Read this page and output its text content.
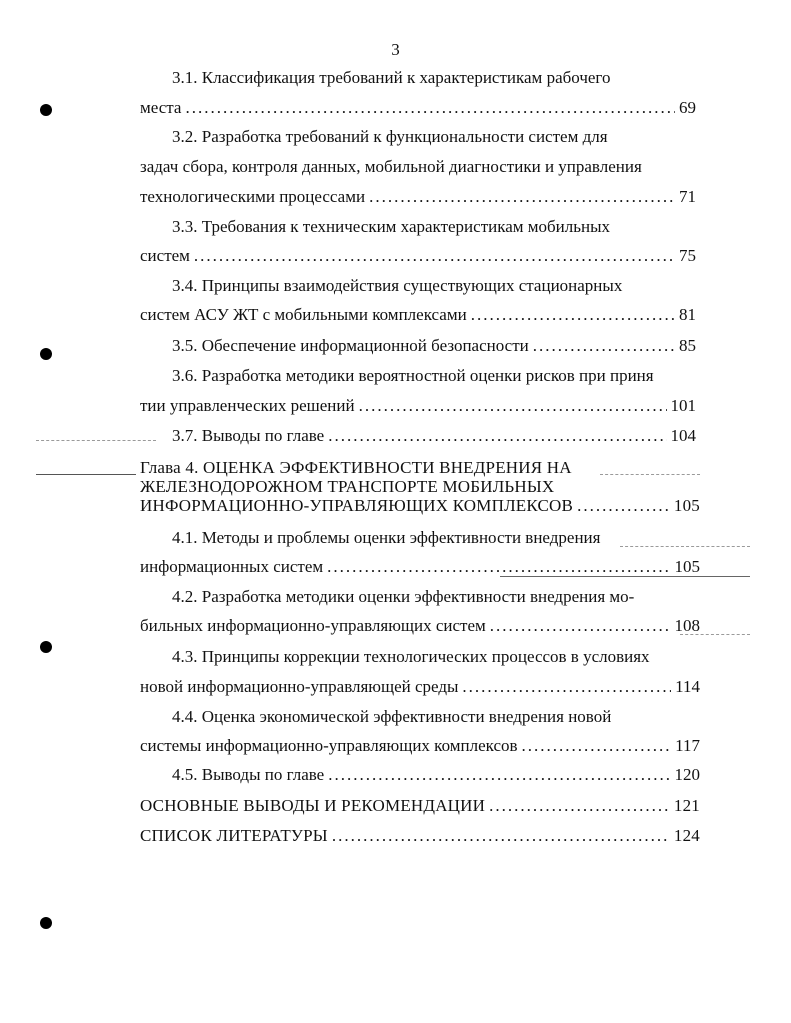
3
3.1. Классификация требований к характеристикам рабочего
места .....	69
3.2. Разработка требований к функциональности систем для
задач сбора, контроля данных, мобильной диагностики и управления
технологическими процессами .....	71
3.3. Требования к техническим характеристикам мобильных
систем .....	75
3.4. Принципы взаимодействия существующих стационарных
систем АСУ ЖТ с мобильными комплексами .....	81
3.5. Обеспечение информационной безопасности .....	85
3.6. Разработка методики вероятностной оценки рисков при приня
тии управленческих решений .....	101
3.7. Выводы по главе .....	104
Глава 4. ОЦЕНКА ЭФФЕКТИВНОСТИ ВНЕДРЕНИЯ НА
ЖЕЛЕЗНОДОРОЖНОМ ТРАНСПОРТЕ МОБИЛЬНЫХ
ИНФОРМАЦИОННО-УПРАВЛЯЮЩИХ КОМПЛЕКСОВ .....	105
4.1. Методы и проблемы оценки эффективности внедрения
информационных систем .....	105
4.2. Разработка методики оценки эффективности внедрения мо-
бильных информационно-управляющих систем .....	108
4.3. Принципы коррекции технологических процессов в условиях
новой информационно-управляющей среды .....	114
4.4. Оценка экономической эффективности внедрения новой
системы информационно-управляющих комплексов .....	117
4.5. Выводы по главе .....	120
ОСНОВНЫЕ ВЫВОДЫ И РЕКОМЕНДАЦИИ .....	121
СПИСОК ЛИТЕРАТУРЫ .....	124
